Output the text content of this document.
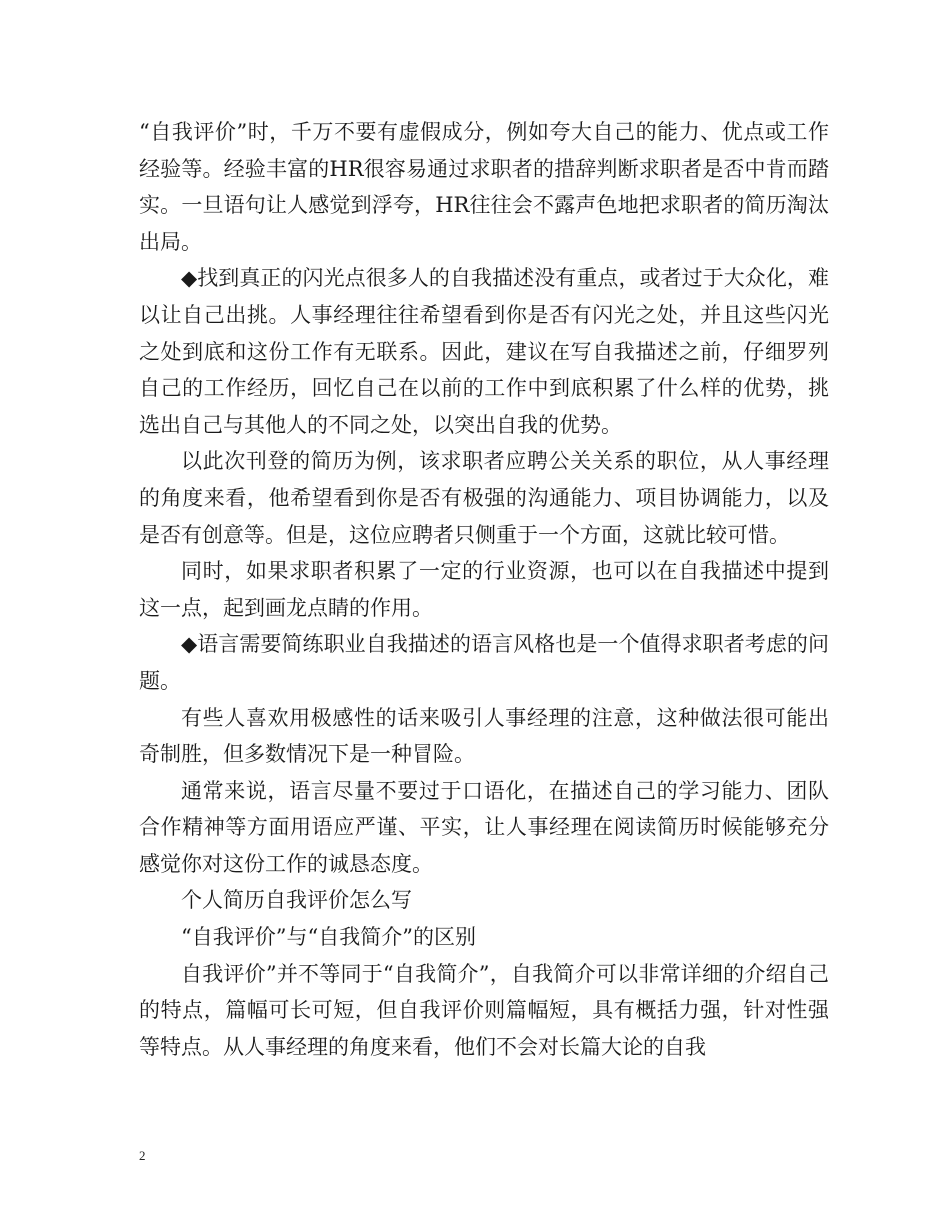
“自我评价”时，千万不要有虚假成分，例如夸大自己的能力、优点或工作经验等。经验丰富的HR很容易通过求职者的措辞判断求职者是否中肯而踏实。一旦语句让人感觉到浮夸，HR往往会不露声色地把求职者的简历淘汰出局。

◆找到真正的闪光点很多人的自我描述没有重点，或者过于大众化，难以让自己出挑。人事经理往往希望看到你是否有闪光之处，并且这些闪光之处到底和这份工作有无联系。因此，建议在写自我描述之前，仔细罗列自己的工作经历，回忆自己在以前的工作中到底积累了什么样的优势，挑选出自己与其他人的不同之处，以突出自我的优势。

以此次刊登的简历为例，该求职者应聘公关关系的职位，从人事经理的角度来看，他希望看到你是否有极强的沟通能力、项目协调能力，以及是否有创意等。但是，这位应聘者只侧重于一个方面，这就比较可惜。

同时，如果求职者积累了一定的行业资源，也可以在自我描述中提到这一点，起到画龙点睛的作用。

◆语言需要简练职业自我描述的语言风格也是一个值得求职者考虑的问题。

有些人喜欢用极感性的话来吸引人事经理的注意，这种做法很可能出奇制胜，但多数情况下是一种冒险。

通常来说，语言尽量不要过于口语化，在描述自己的学习能力、团队合作精神等方面用语应严谨、平实，让人事经理在阅读简历时候能够充分感觉你对这份工作的诚恳态度。

个人简历自我评价怎么写

“自我评价”与“自我简介”的区别

自我评价”并不等同于“自我简介”，自我简介可以非常详细的介绍自己的特点，篇幅可长可短，但自我评价则篇幅短，具有概括力强，针对性强等特点。从人事经理的角度来看，他们不会对长篇大论的自我

2
